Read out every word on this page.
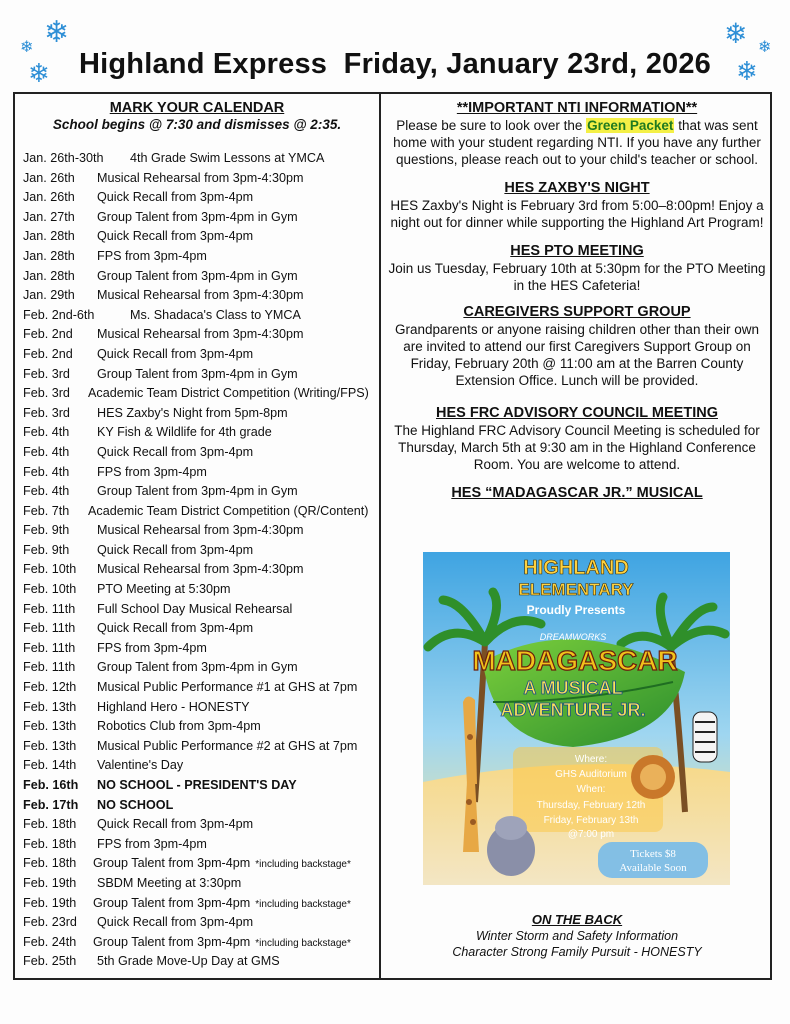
❄
❄
❄
❄ ❄
❄
Highland Express  Friday, January 23rd, 2026
MARK YOUR CALENDAR
School begins @ 7:30 and dismisses @ 2:35.
Jan. 26th-30th 4th Grade Swim Lessons at YMCA
Jan. 26th Musical Rehearsal from 3pm-4:30pm
Jan. 26th Quick Recall from 3pm-4pm
Jan. 27th Group Talent from 3pm-4pm in Gym
Jan. 28th Quick Recall from 3pm-4pm
Jan. 28th FPS from 3pm-4pm
Jan. 28th Group Talent from 3pm-4pm in Gym
Jan. 29th Musical Rehearsal from 3pm-4:30pm
Feb. 2nd-6th	Ms. Shadaca's Class to YMCA
Feb. 2nd Musical Rehearsal from 3pm-4:30pm
Feb. 2nd Quick Recall from 3pm-4pm
Feb. 3rd Group Talent from 3pm-4pm in Gym
Feb. 3rd Academic Team District Competition (Writing/FPS)
Feb. 3rd HES Zaxby's Night from 5pm-8pm
Feb. 4th KY Fish & Wildlife for 4th grade
Feb. 4th Quick Recall from 3pm-4pm
Feb. 4th FPS from 3pm-4pm
Feb. 4th Group Talent from 3pm-4pm in Gym
Feb. 7th Academic Team District Competition (QR/Content)
Feb. 9th Musical Rehearsal from 3pm-4:30pm
Feb. 9th Quick Recall from 3pm-4pm
Feb. 10th Musical Rehearsal from 3pm-4:30pm
Feb. 10th PTO Meeting at 5:30pm
Feb. 11th Full School Day Musical Rehearsal
Feb. 11th Quick Recall from 3pm-4pm
Feb. 11th FPS from 3pm-4pm
Feb. 11th Group Talent from 3pm-4pm in Gym
Feb. 12th Musical Public Performance #1 at GHS at 7pm
Feb. 13th Highland Hero - HONESTY
Feb. 13th Robotics Club from 3pm-4pm
Feb. 13th Musical Public Performance #2 at GHS at 7pm
Feb. 14th Valentine's Day
Feb. 16th NO SCHOOL - PRESIDENT'S DAY
Feb. 17th NO SCHOOL
Feb. 18th Quick Recall from 3pm-4pm
Feb. 18th FPS from 3pm-4pm
Feb. 18th Group Talent from 3pm-4pm *including backstage*
Feb. 19th SBDM Meeting at 3:30pm
Feb. 19th Group Talent from 3pm-4pm *including backstage*
Feb. 23rd Quick Recall from 3pm-4pm
Feb. 24th Group Talent from 3pm-4pm *including backstage*
Feb. 25th 5th Grade Move-Up Day at GMS
**IMPORTANT NTI INFORMATION**
Please be sure to look over the Green Packet that was sent home with your student regarding NTI. If you have any further questions, please reach out to your child's teacher or school.
HES ZAXBY'S NIGHT
HES Zaxby's Night is February 3rd from 5:00–8:00pm! Enjoy a night out for dinner while supporting the Highland Art Program!
HES PTO MEETING
Join us Tuesday, February 10th at 5:30pm for the PTO Meeting in the HES Cafeteria!
CAREGIVERS SUPPORT GROUP
Grandparents or anyone raising children other than their own are invited to attend our first Caregivers Support Group on Friday, February 20th @ 11:00 am at the Barren County Extension Office. Lunch will be provided.
HES FRC ADVISORY COUNCIL MEETING
The Highland FRC Advisory Council Meeting is scheduled for Thursday, March 5th at 9:30 am in the Highland Conference Room. You are welcome to attend.
HES “MADAGASCAR JR.” MUSICAL
HIGHLAND
ELEMENTARY
Proudly Presents
DREAMWORKS
MADAGASCAR
A MUSICAL
ADVENTURE JR.
Where:
GHS Auditorium
When:
Thursday, February 12th
Friday, February 13th
@7:00 pm
Tickets $8
Available Soon
ON THE BACK
Winter Storm and Safety Information
Character Strong Family Pursuit - HONESTY
